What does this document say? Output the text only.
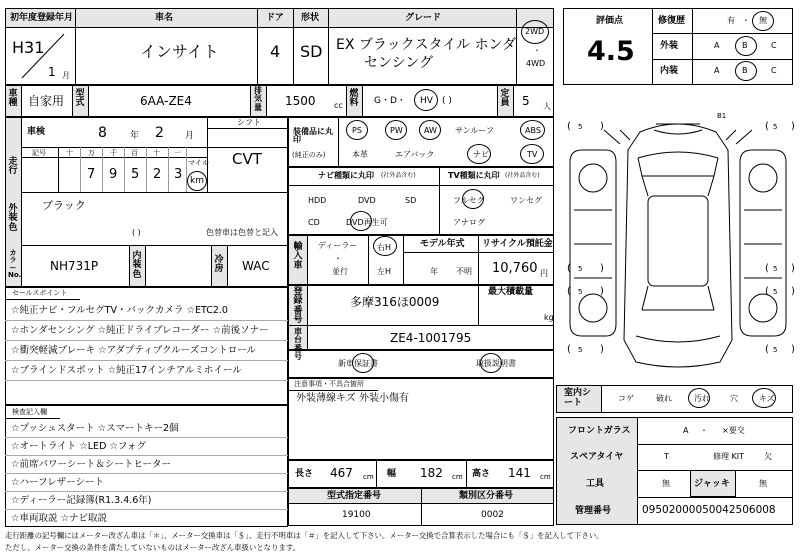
初年度登録年月	車名	ドア 形状	グレード
H31
1 月
インサイト	4 SD EX ブラックスタイル ホンダ
センシング
2WD
・
4WD
車種 自家用 型式	6AA-ZE4
排気量 1500 cc
燃料 G・D・ HV ( )
定員 5 人
車検	8	年 2 月
シフト
CVT
走行
記号	十 万 千 百 十 一
7 9 5 2 3
マイル
km
外装色
ブラック
( )	色替車は色替と記入
カラーNo.
NH731P
内装色
冷房 WAC
装備品に丸印
(純正のみ)
PS	PW	AW サンルーフ	ABS
本革	エアバック	ナビ	TV
ナビ種類に丸印 (社外品含む)	TV種類に丸印 (社外品含む)
HDD	DVD	SD
CD	DVD再生可
フルセグ	ワンセグ
アナログ
輸入車
ディーラー
・
並行
右H
左H
モデル年式
年 不明
リサイクル預託金
10,760 円
セールスポイント
☆純正ナビ・フルセグTV・バックカメラ ☆ETC2.0
☆ホンダセンシング ☆純正ドライブレコーダー ☆前後ソナー
☆衝突軽減ブレーキ ☆アダプティブクルーズコントロール
☆ブラインドスポット ☆純正17インチアルミホイール
登録番号
多摩316ほ0009
最大積載量
kg
車台番号
ZE4-1001795
新車保証書	取扱説明書
注意事項・不具合箇所
外装薄線キズ 外装小傷有
検査記入欄
☆プッシュスタート ☆スマートキー2個
☆オートライト ☆LED ☆フォグ
☆前席パワーシート＆シートヒーター
☆ハーフレザーシート
☆ディーラー記録簿(R1.3.4.6年)
☆車両取説 ☆ナビ取説
長さ 467 cm 幅 182 cm 高さ 141 cm
型式指定番号	類別区分番号
19100	0002
評価点
4.5
修復歴	有 ・ 無
外装	A	B	C
内装	A	B	C
( 5 )	( 5 )
5
(	)	5
( )
5
(	)	5
( )
5
(	)	5
( )
B1
室内シート	コゲ	破れ	汚れ	穴	キズ
フロントガラス	A ・ ×要交
スペアタイヤ	T	修理 KIT 欠
工具	無	ジャッキ	無
管理番号	09502000050042506008
走行距離の記号欄にはメーター改ざん車は「＊」、メーター交換車は「＄」、走行不明車は「＃」を記入して下さい。メーター交換で合算表示した場合にも「＄」を記入して下さい。
ただし、メーター交換の条件を満たしていないものはメーター改ざん車扱いとなります。
